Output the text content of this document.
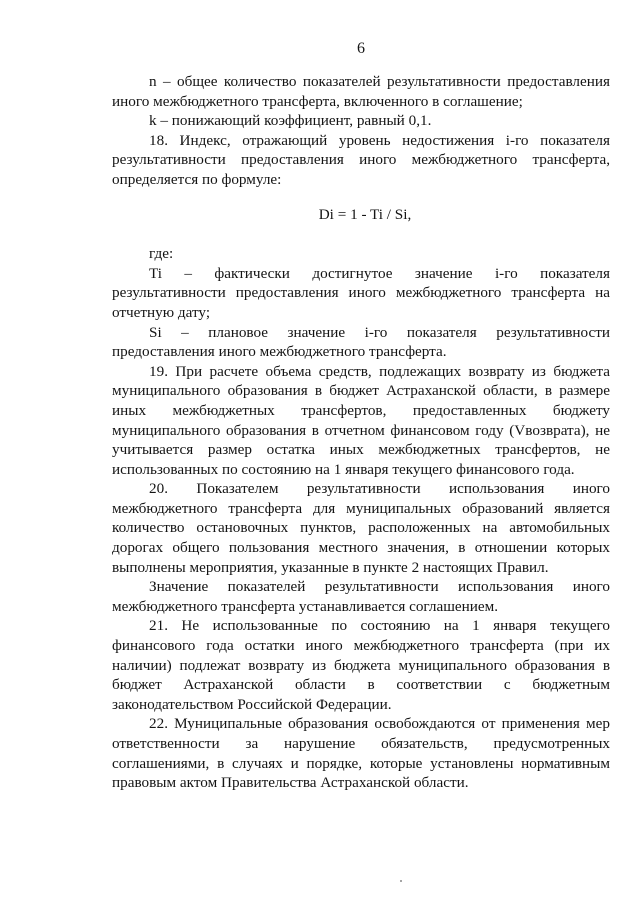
6

n – общее количество показателей результативности предоставления иного межбюджетного трансферта, включенного в соглашение;

k – понижающий коэффициент, равный 0,1.

18. Индекс, отражающий уровень недостижения i-го показателя результативности предоставления иного межбюджетного трансферта, определяется по формуле:

Di = 1 - Ti / Si,

где:

Ti – фактически достигнутое значение i-го показателя результативности предоставления иного межбюджетного трансферта на отчетную дату;

Si – плановое значение i-го показателя результативности предоставления иного межбюджетного трансферта.

19. При расчете объема средств, подлежащих возврату из бюджета муниципального образования в бюджет Астраханской области, в размере иных межбюджетных трансфертов, предоставленных бюджету муниципального образования в отчетном финансовом году (Vвозврата), не учитывается размер остатка иных межбюджетных трансфертов, не использованных по состоянию на 1 января текущего финансового года.

20. Показателем результативности использования иного межбюджетного трансферта для муниципальных образований является количество остановочных пунктов, расположенных на автомобильных дорогах общего пользования местного значения, в отношении которых выполнены мероприятия, указанные в пункте 2 настоящих Правил.

Значение показателей результативности использования иного межбюджетного трансферта устанавливается соглашением.

21. Не использованные по состоянию на 1 января текущего финансового года остатки иного межбюджетного трансферта (при их наличии) подлежат возврату из бюджета муниципального образования в бюджет Астраханской области в соответствии с бюджетным законодательством Российской Федерации.

22. Муниципальные образования освобождаются от применения мер ответственности за нарушение обязательств, предусмотренных соглашениями, в случаях и порядке, которые установлены нормативным правовым актом Правительства Астраханской области.
